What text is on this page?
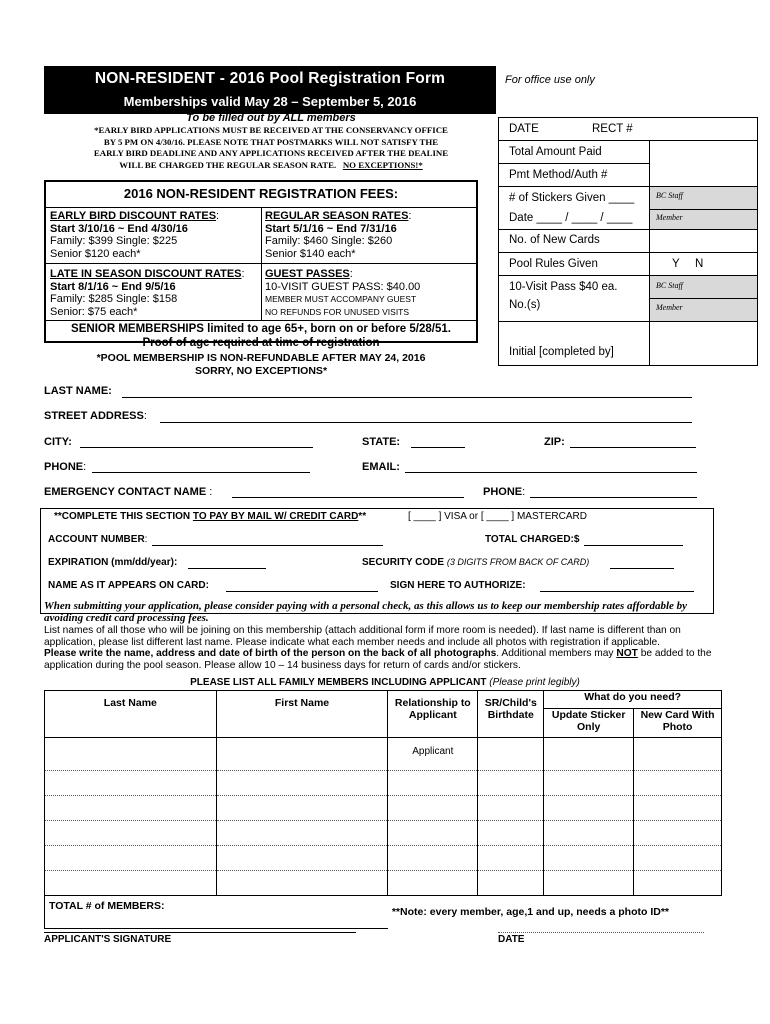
NON-RESIDENT - 2016 Pool Registration Form
Memberships valid May 28 – September 5, 2016
For office use only
To be filled out by ALL members
*EARLY BIRD APPLICATIONS MUST BE RECEIVED AT THE CONSERVANCY OFFICE
BY 5 PM ON 4/30/16. PLEASE NOTE THAT POSTMARKS WILL NOT SATISFY THE
EARLY BIRD DEADLINE AND ANY APPLICATIONS RECEIVED AFTER THE DEALINE
WILL BE CHARGED THE REGULAR SEASON RATE. NO EXCEPTIONS!*
DATE	RECT #
Total Amount Paid
Pmt Method/Auth #
# of Stickers Given ____
Date ____ / ____ / ____
BC Staff
Member
No. of New Cards
Pool Rules Given	Y N
10-Visit Pass $40 ea.
No.(s)
BC Staff
Member
Initial [completed by]
2016 NON-RESIDENT REGISTRATION FEES:
EARLY BIRD DISCOUNT RATES:
Start 3/10/16 ~ End 4/30/16
Family: $399 Single: $225
Senior $120 each*
REGULAR SEASON RATES:
Start 5/1/16 ~ End 7/31/16
Family: $460 Single: $260
Senior $140 each*
LATE IN SEASON DISCOUNT RATES:
Start 8/1/16 ~ End 9/5/16
Family: $285 Single: $158
Senior: $75 each*
GUEST PASSES:
10-VISIT GUEST PASS: $40.00
MEMBER MUST ACCOMPANY GUEST
NO REFUNDS FOR UNUSED VISITS
SENIOR MEMBERSHIPS limited to age 65+, born on or before 5/28/51.
Proof of age required at time of registration
*POOL MEMBERSHIP IS NON-REFUNDABLE AFTER MAY 24, 2016
SORRY, NO EXCEPTIONS*
LAST NAME:
STREET ADDRESS:
CITY:	STATE:	ZIP:
PHONE:	EMAIL:
EMERGENCY CONTACT NAME :	PHONE:
**COMPLETE THIS SECTION TO PAY BY MAIL W/ CREDIT CARD**	[ ____ ] VISA or [ ____ ] MASTERCARD
ACCOUNT NUMBER:	TOTAL CHARGED:$
EXPIRATION (mm/dd/year):	SECURITY CODE (3 DIGITS FROM BACK OF CARD)
NAME AS IT APPEARS ON CARD:	SIGN HERE TO AUTHORIZE:
When submitting your application, please consider paying with a personal check, as this allows us to keep our membership rates affordable by avoiding credit card processing fees.
List names of all those who will be joining on this membership (attach additional form if more room is needed). If last name is different than on application, please list different last name. Please indicate what each member needs and include all photos with registration if applicable.
Please write the name, address and date of birth of the person on the back of all photographs. Additional members may NOT be added to the application during the pool season. Please allow 10 – 14 business days for return of cards and/or stickers.
PLEASE LIST ALL FAMILY MEMBERS INCLUDING APPLICANT (Please print legibly)
Last Name	First Name	Relationship to Applicant	SR/Child's Birthdate	What do you need?	
				Update Sticker Only	New Card With Photo
		Applicant			

TOTAL # of MEMBERS:		**Note: every member, age,1 and up, needs a photo ID**			
APPLICANT'S SIGNATURE	DATE
